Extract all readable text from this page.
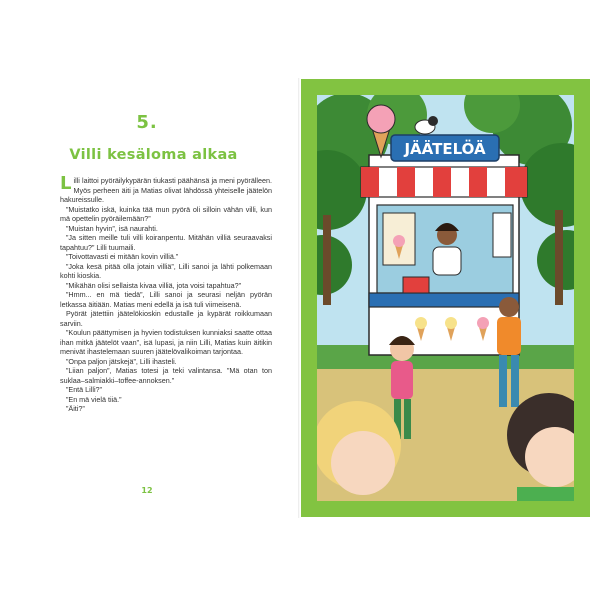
5.
Villi kesäloma alkaa

Lilli laittoi pyöräilykypärän tiukasti päähänsä ja meni pyörälleen. Myös perheen äiti ja Matias olivat lähdössä yhteiselle jäätelön hakureissulle.

”Muistatko iskä, kuinka tää mun pyörä oli silloin vähän villi, kun mä opettelin pyöräilemään?”

”Muistan hyvin”, isä naurahti.

”Ja sitten meille tuli villi koiranpentu. Mitähän villiä seuraavaksi tapahtuu?” Lilli tuumaili.

”Toivottavasti ei mitään kovin villiä.”

”Joka kesä pitää olla jotain villiä”, Lilli sanoi ja lähti polkemaan kohti kioskia.

”Mikähän olisi sellaista kivaa villiä, jota voisi tapahtua?”

”Hmm... en mä tiedä”, Lilli sanoi ja seurasi neljän pyörän letkassa äitiään. Matias meni edellä ja isä tuli viimeisenä.

Pyörät jätettiin jäätelökioskin edustalle ja kypärät roikkumaan sarviin.

”Koulun päättymisen ja hyvien todistuksen kunniaksi saatte ottaa ihan mitkä jäätelöt vaan”, isä lupasi, ja niin Lilli, Matias kuin äitikin menivät ihastelemaan suuren jäätelövalikoiman tarjontaa.

”Onpa paljon jätskejä”, Lilli ihasteli.

”Liian paljon”, Matias totesi ja teki valintansa. ”Mä otan ton suklaa–salmiakki–toffee-annoksen.”

”Entä Lilli?”

”En mä vielä tiiä.”

”Äiti?”

12
JÄÄTELÖÄ
